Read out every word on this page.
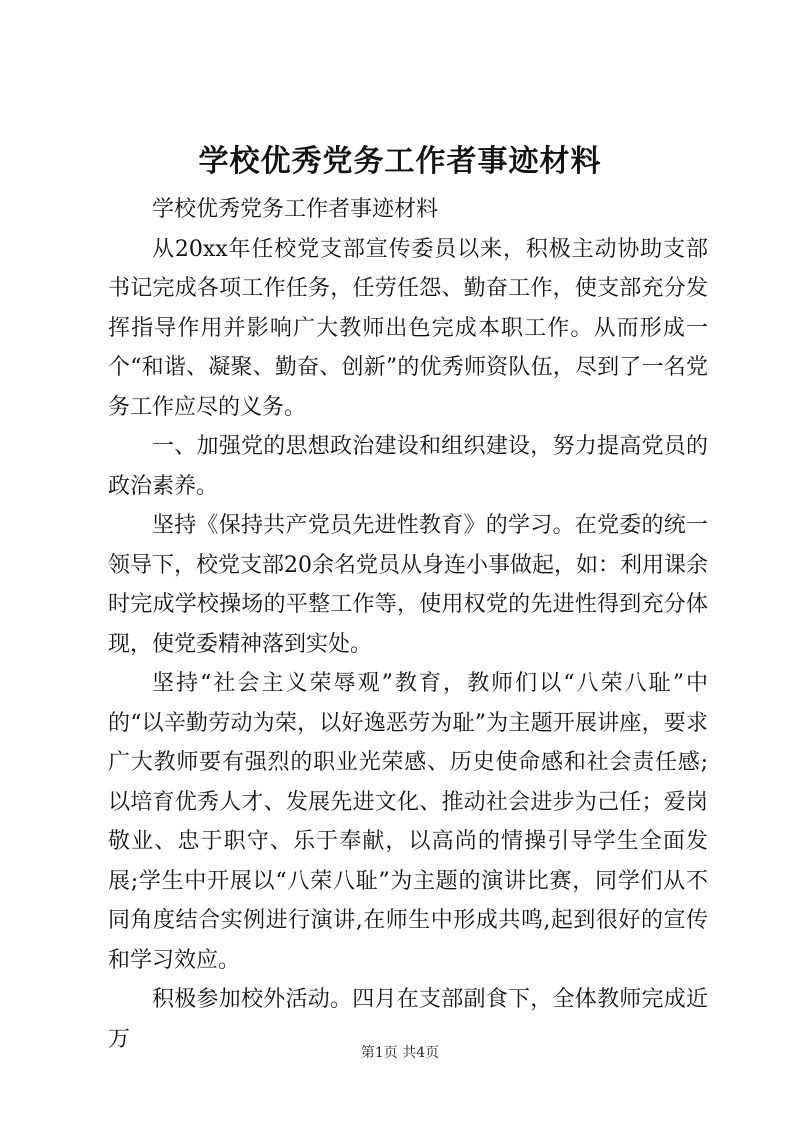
学校优秀党务工作者事迹材料

学校优秀党务工作者事迹材料

从20xx年任校党支部宣传委员以来，积极主动协助支部书记完成各项工作任务，任劳任怨、勤奋工作，使支部充分发挥指导作用并影响广大教师出色完成本职工作。从而形成一个“和谐、凝聚、勤奋、创新”的优秀师资队伍，尽到了一名党务工作应尽的义务。

一、加强党的思想政治建设和组织建设，努力提高党员的政治素养。

坚持《保持共产党员先进性教育》的学习。在党委的统一领导下，校党支部20余名党员从身连小事做起，如：利用课余时完成学校操场的平整工作等，使用权党的先进性得到充分体现，使党委精神落到实处。

坚持“社会主义荣辱观”教育，教师们以“八荣八耻”中的“以辛勤劳动为荣，以好逸恶劳为耻”为主题开展讲座，要求广大教师要有强烈的职业光荣感、历史使命感和社会责任感;以培育优秀人才、发展先进文化、推动社会进步为己任；爱岗敬业、忠于职守、乐于奉献，以高尚的情操引导学生全面发展;学生中开展以“八荣八耻”为主题的演讲比赛，同学们从不同角度结合实例进行演讲,在师生中形成共鸣,起到很好的宣传和学习效应。

积极参加校外活动。四月在支部副食下，全体教师完成近万

第1页 共4页
